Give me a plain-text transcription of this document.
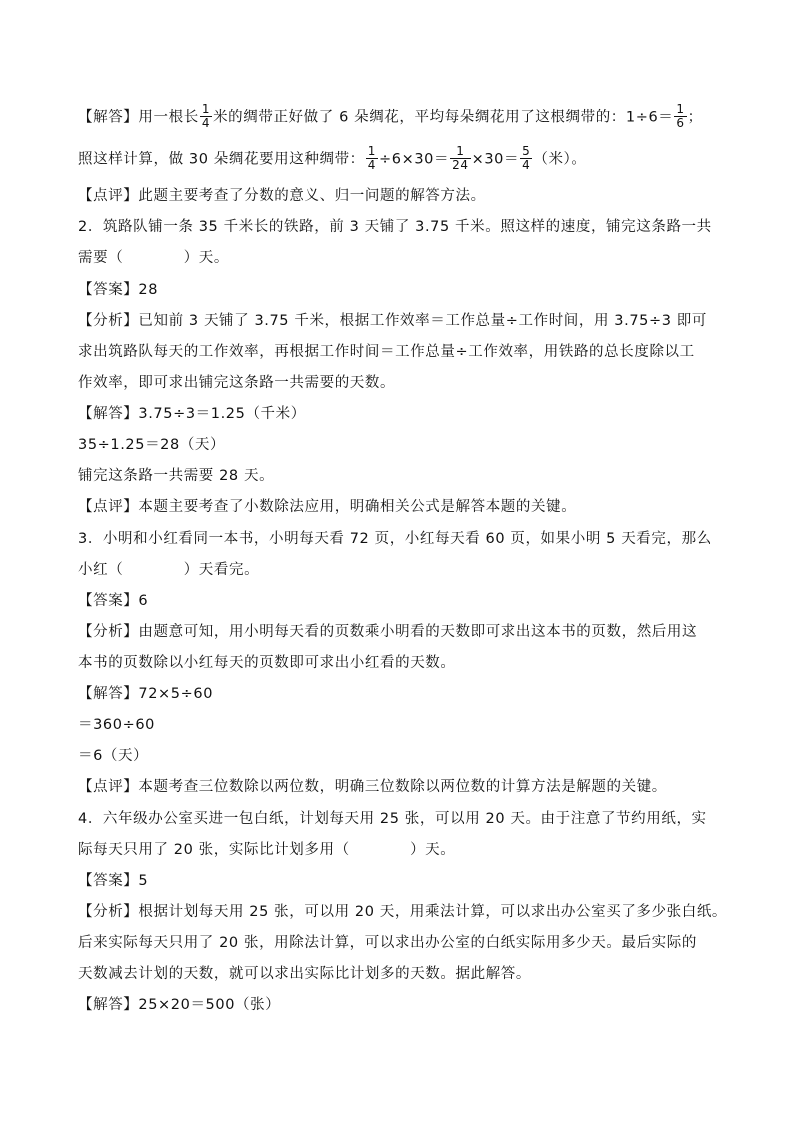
【解答】用一根长 $\frac{1}{4}$ 米的绸带正好做了 6 朵绸花，平均每朵绸花用了这根绸带的：$1\div 6= \frac{1}{6}$ ；
照这样计算，做 30 朵绸花要用这种绸带： $\frac{1}{4} \div 6\times 30= \frac{1}{24} \times 30= \frac{5}{4}$ （米）。
【点评】此题主要考查了分数的意义、归一问题的解答方法。
2．筑路队铺一条 35 千米长的铁路，前 3 天铺了 3.75 千米。照这样的速度，铺完这条路一共
需要（　　　　）天。
【答案】28
【分析】已知前 3 天铺了 3.75 千米，根据工作效率＝工作总量÷工作时间，用 3.75÷3 即可
求出筑路队每天的工作效率，再根据工作时间＝工作总量÷工作效率，用铁路的总长度除以工
作效率，即可求出铺完这条路一共需要的天数。
【解答】3.75÷3＝1.25（千米）
35÷1.25＝28（天）
铺完这条路一共需要 28 天。
【点评】本题主要考查了小数除法应用，明确相关公式是解答本题的关键。
3．小明和小红看同一本书，小明每天看 72 页，小红每天看 60 页，如果小明 5 天看完，那么
小红（　　　　）天看完。
【答案】6
【分析】由题意可知，用小明每天看的页数乘小明看的天数即可求出这本书的页数，然后用这
本书的页数除以小红每天的页数即可求出小红看的天数。
【解答】72×5÷60
＝360÷60
＝6（天）
【点评】本题考查三位数除以两位数，明确三位数除以两位数的计算方法是解题的关键。
4．六年级办公室买进一包白纸，计划每天用 25 张，可以用 20 天。由于注意了节约用纸，实
际每天只用了 20 张，实际比计划多用（　　　　）天。
【答案】5
【分析】根据计划每天用 25 张，可以用 20 天，用乘法计算，可以求出办公室买了多少张白纸。
后来实际每天只用了 20 张，用除法计算，可以求出办公室的白纸实际用多少天。最后实际的
天数减去计划的天数，就可以求出实际比计划多的天数。据此解答。
【解答】25×20＝500（张）
